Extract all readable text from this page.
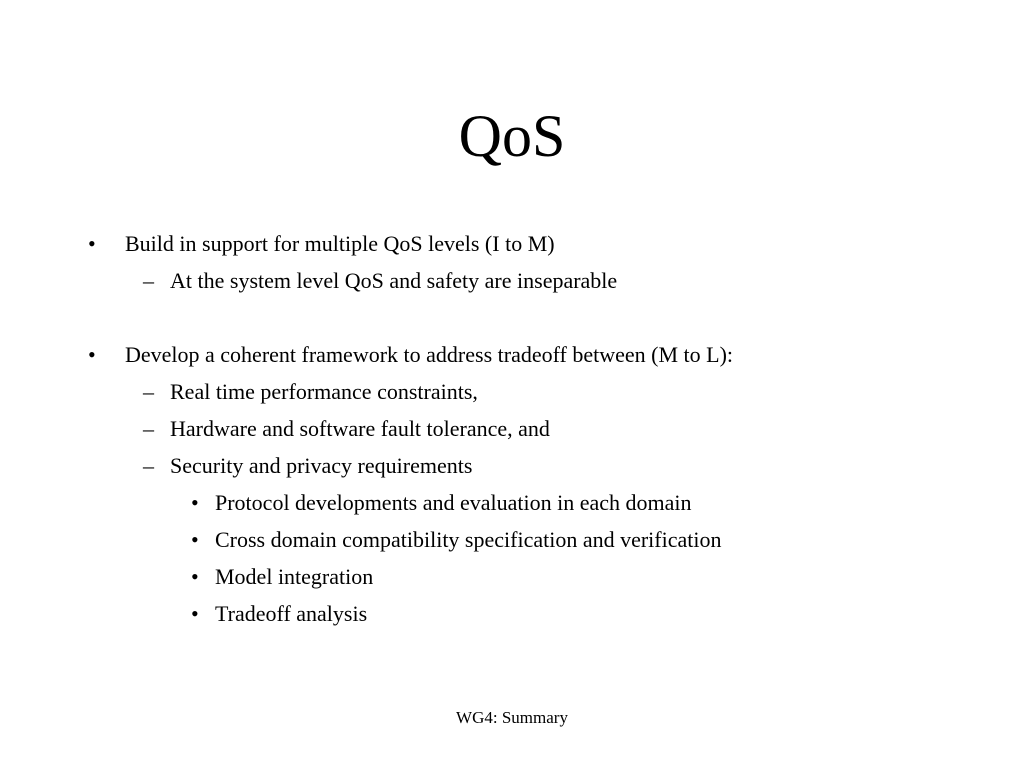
QoS
• Build in support for multiple QoS levels (I to M)
– At the system level QoS and safety are inseparable
• Develop a coherent framework to address tradeoff between (M to L):
– Real time performance constraints,
– Hardware and software fault tolerance, and
– Security and privacy requirements
• Protocol developments and evaluation in each domain
• Cross domain compatibility specification and verification
• Model integration
• Tradeoff analysis
WG4: Summary
